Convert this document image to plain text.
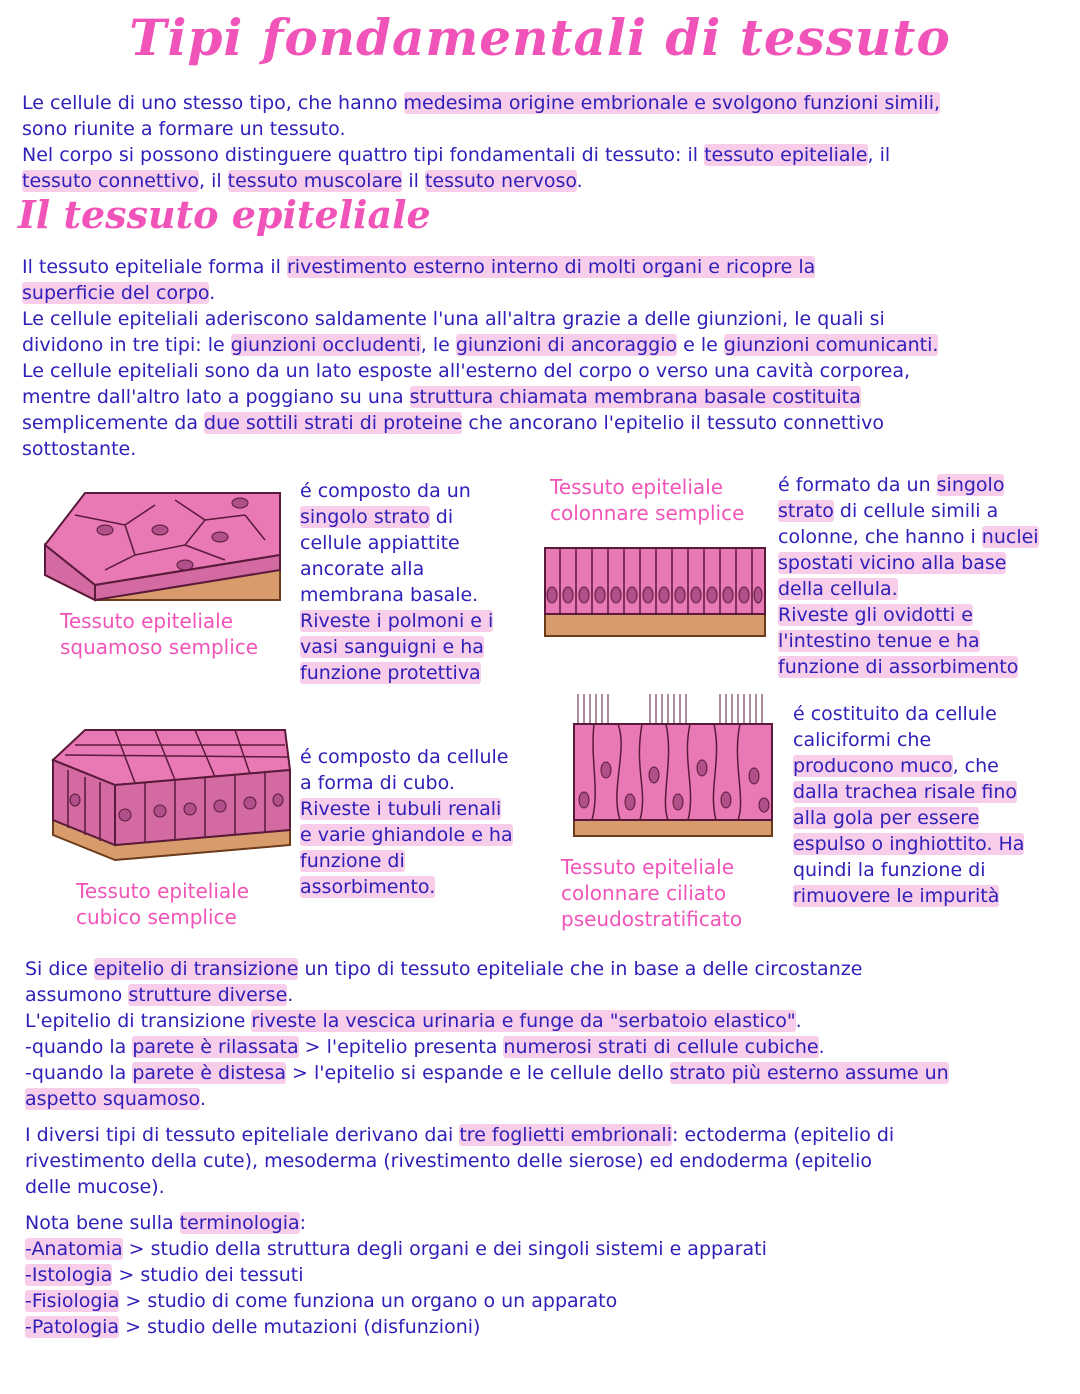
Tipi fondamentali di tessuto

Le cellule di uno stesso tipo, che hanno medesima origine embrionale e svolgono funzioni simili,

sono riunite a formare un tessuto.

Nel corpo si possono distinguere quattro tipi fondamentali di tessuto: il tessuto epiteliale, il

tessuto connettivo, il tessuto muscolare il tessuto nervoso.

Il tessuto epiteliale

Il tessuto epiteliale forma il rivestimento esterno interno di molti organi e ricopre la

superficie del corpo.

Le cellule epiteliali aderiscono saldamente l'una all'altra grazie a delle giunzioni, le quali si

dividono in tre tipi: le giunzioni occludenti, le giunzioni di ancoraggio e le giunzioni comunicanti.

Le cellule epiteliali sono da un lato esposte all'esterno del corpo o verso una cavità corporea,

mentre dall'altro lato a poggiano su una struttura chiamata membrana basale costituita

semplicemente da due sottili strati di proteine che ancorano l'epitelio il tessuto connettivo

sottostante.

Tessuto epiteliale
squamoso semplice
é composto da un
singolo strato di
cellule appiattite
ancorate alla
membrana basale.
Riveste i polmoni e i
vasi sanguigni e ha
funzione protettiva
Tessuto epiteliale
colonnare semplice
é formato da un singolo
strato di cellule simili a
colonne, che hanno i nuclei
spostati vicino alla base
della cellula.
Riveste gli ovidotti e
l'intestino tenue e ha
funzione di assorbimento
Tessuto epiteliale
cubico semplice
é composto da cellule
a forma di cubo.
Riveste i tubuli renali
e varie ghiandole e ha
funzione di
assorbimento.
Tessuto epiteliale
colonnare ciliato
pseudostratificato
é costituito da cellule
caliciformi che
producono muco, che
dalla trachea risale fino
alla gola per essere
espulso o inghiottito. Ha
quindi la funzione di
rimuovere le impurità

Si dice epitelio di transizione un tipo di tessuto epiteliale che in base a delle circostanze

assumono strutture diverse.

L'epitelio di transizione riveste la vescica urinaria e funge da "serbatoio elastico".

-quando la parete è rilassata > l'epitelio presenta numerosi strati di cellule cubiche.

-quando la parete è distesa > l'epitelio si espande e le cellule dello strato più esterno assume un

aspetto squamoso.

I diversi tipi di tessuto epiteliale derivano dai tre foglietti embrionali: ectoderma (epitelio di

rivestimento della cute), mesoderma (rivestimento delle sierose) ed endoderma (epitelio

delle mucose).

Nota bene sulla terminologia:

-Anatomia > studio della struttura degli organi e dei singoli sistemi e apparati

-Istologia > studio dei tessuti

-Fisiologia > studio di come funziona un organo o un apparato

-Patologia > studio delle mutazioni (disfunzioni)
